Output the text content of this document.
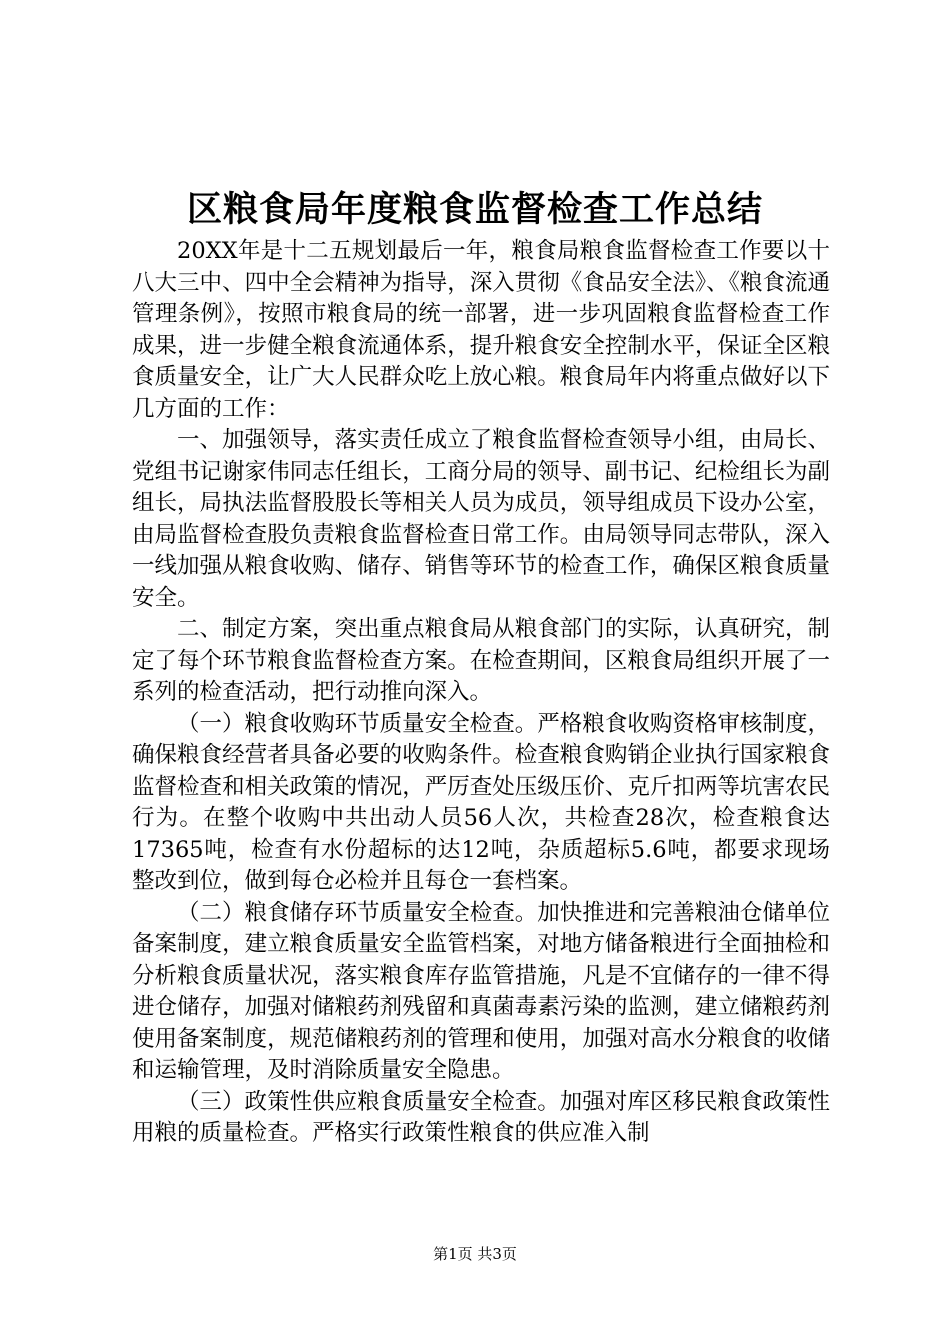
区粮食局年度粮食监督检查工作总结

20XX年是十二五规划最后一年，粮食局粮食监督检查工作要以十八大三中、四中全会精神为指导，深入贯彻《食品安全法》、《粮食流通管理条例》，按照市粮食局的统一部署，进一步巩固粮食监督检查工作成果，进一步健全粮食流通体系，提升粮食安全控制水平，保证全区粮食质量安全，让广大人民群众吃上放心粮。粮食局年内将重点做好以下几方面的工作：

一、加强领导，落实责任成立了粮食监督检查领导小组，由局长、党组书记谢家伟同志任组长，工商分局的领导、副书记、纪检组长为副组长，局执法监督股股长等相关人员为成员，领导组成员下设办公室，由局监督检查股负责粮食监督检查日常工作。由局领导同志带队，深入一线加强从粮食收购、储存、销售等环节的检查工作，确保区粮食质量安全。

二、制定方案，突出重点粮食局从粮食部门的实际，认真研究，制定了每个环节粮食监督检查方案。在检查期间，区粮食局组织开展了一系列的检查活动，把行动推向深入。

（一）粮食收购环节质量安全检查。严格粮食收购资格审核制度，确保粮食经营者具备必要的收购条件。检查粮食购销企业执行国家粮食监督检查和相关政策的情况，严厉查处压级压价、克斤扣两等坑害农民行为。在整个收购中共出动人员56人次，共检查28次，检查粮食达17365吨，检查有水份超标的达12吨，杂质超标5.6吨，都要求现场整改到位，做到每仓必检并且每仓一套档案。

（二）粮食储存环节质量安全检查。加快推进和完善粮油仓储单位备案制度，建立粮食质量安全监管档案，对地方储备粮进行全面抽检和分析粮食质量状况，落实粮食库存监管措施，凡是不宜储存的一律不得进仓储存，加强对储粮药剂残留和真菌毒素污染的监测，建立储粮药剂使用备案制度，规范储粮药剂的管理和使用，加强对高水分粮食的收储和运输管理，及时消除质量安全隐患。

（三）政策性供应粮食质量安全检查。加强对库区移民粮食政策性用粮的质量检查。严格实行政策性粮食的供应准入制

第1页 共3页
